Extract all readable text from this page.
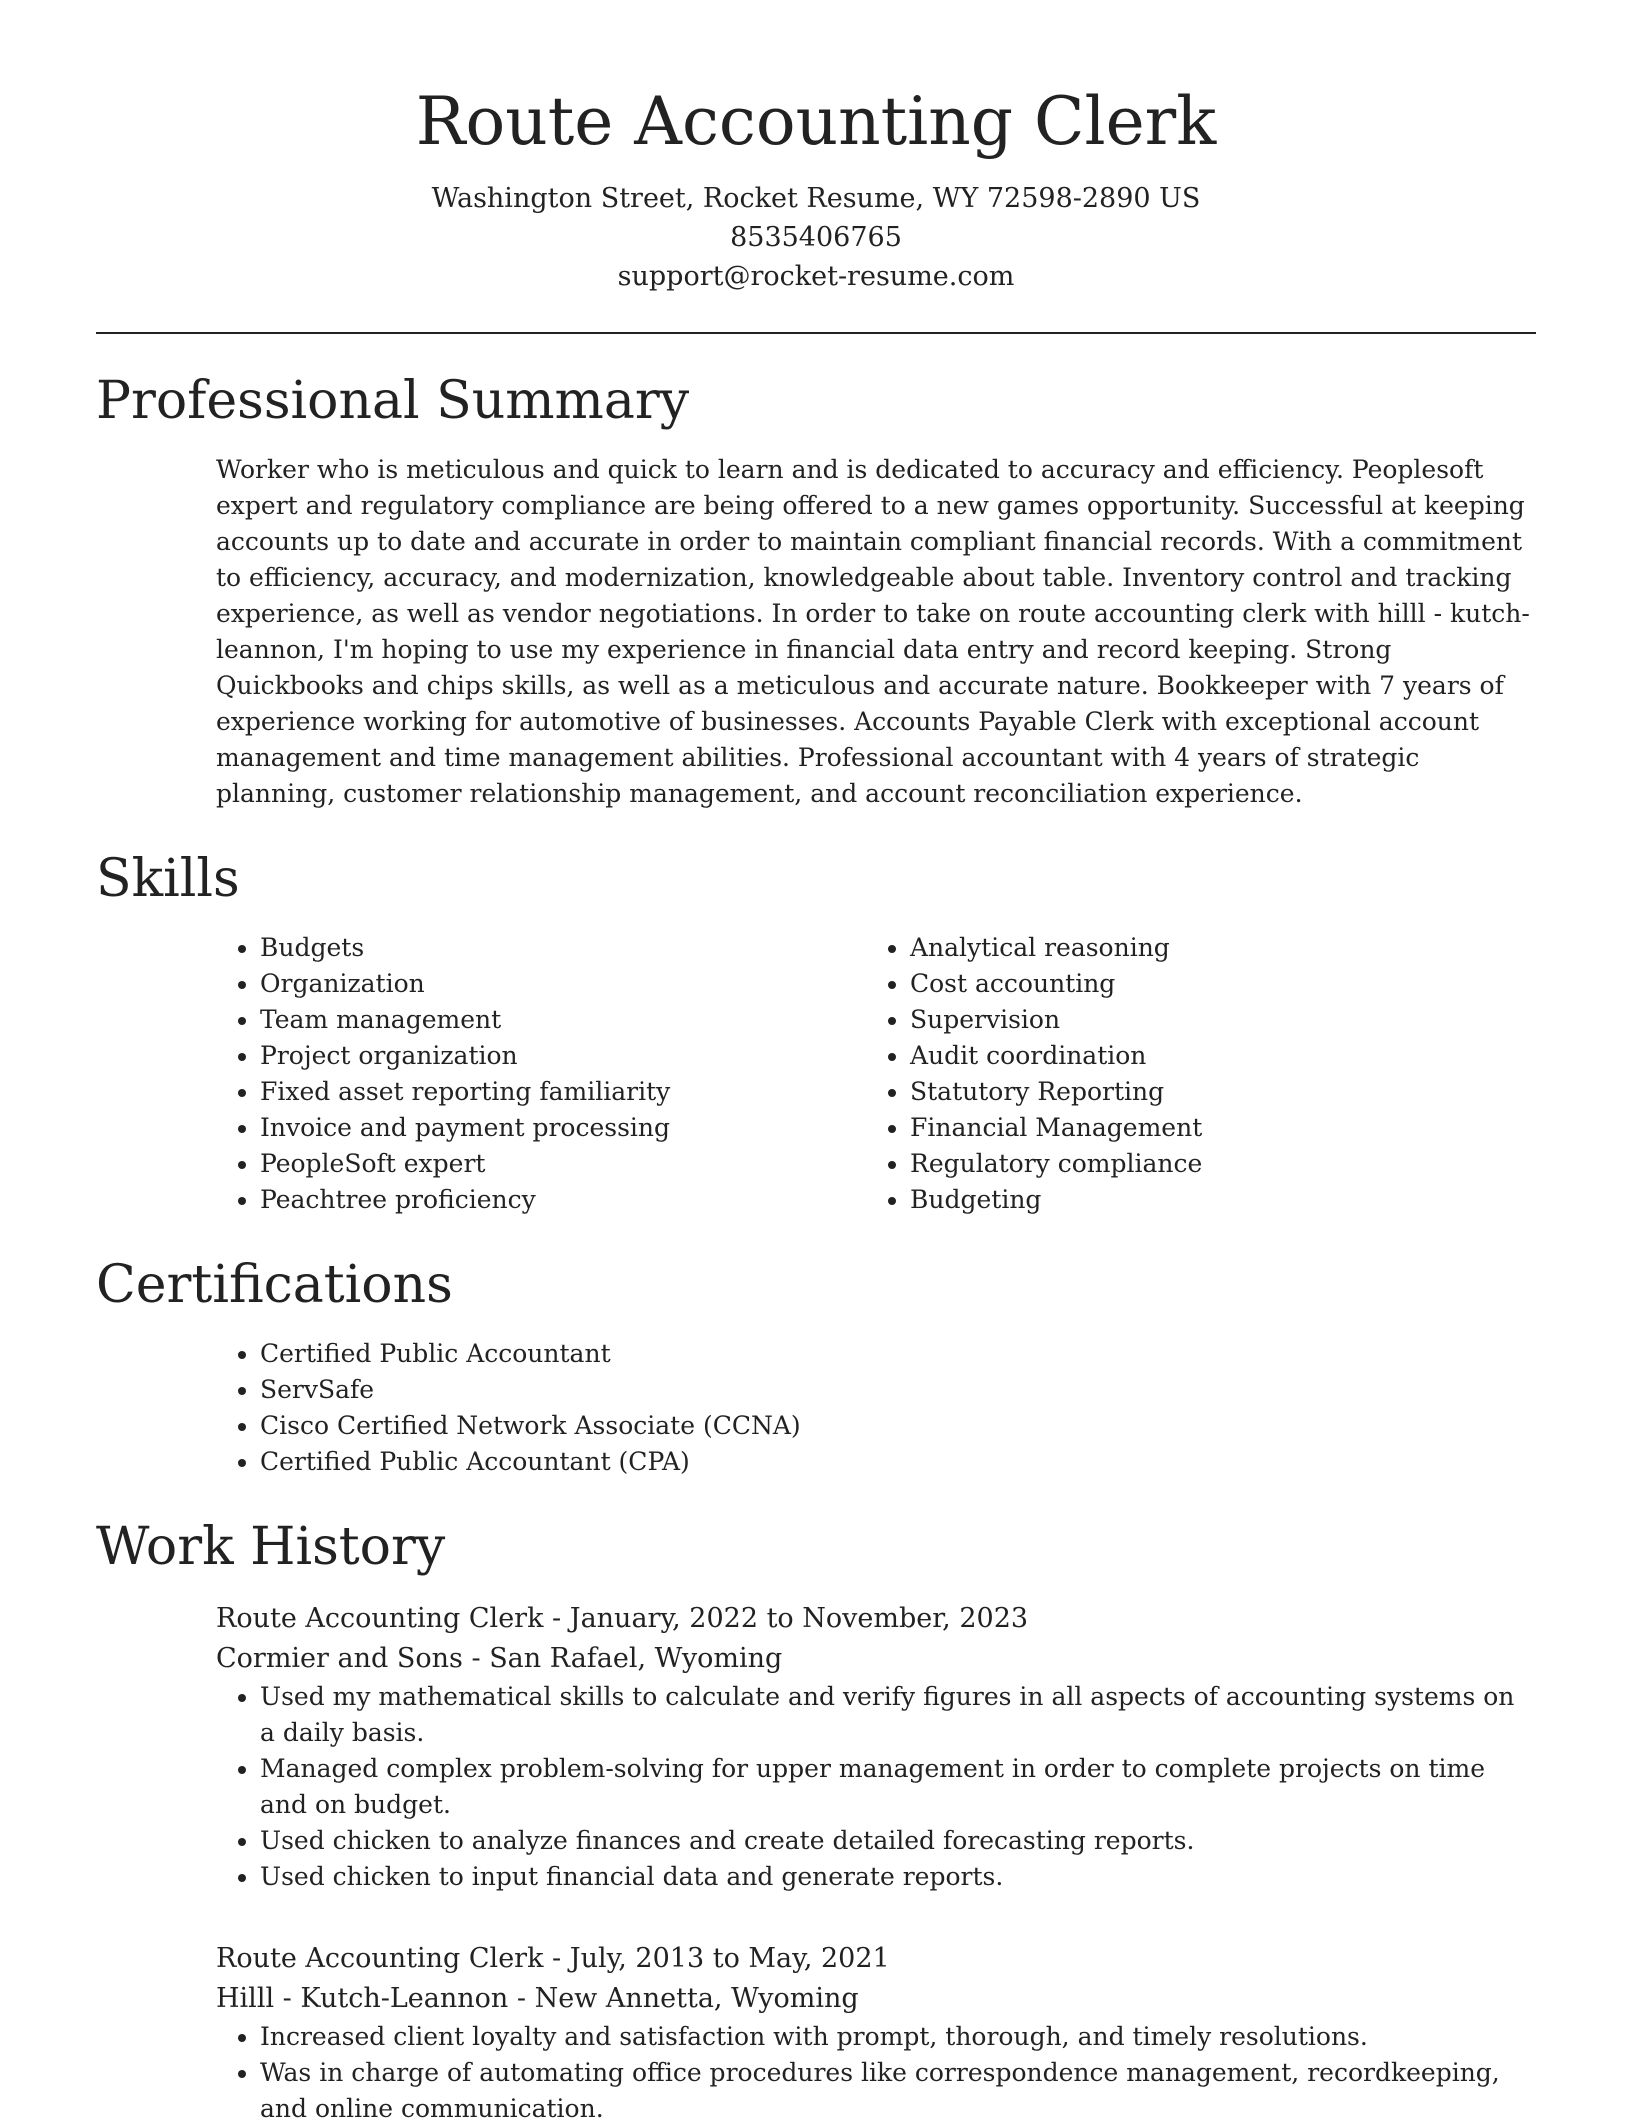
Route Accounting Clerk
Washington Street, Rocket Resume, WY 72598-2890 US
8535406765
support@rocket-resume.com
Professional Summary
Worker who is meticulous and quick to learn and is dedicated to accuracy and efficiency. Peoplesoft expert and regulatory compliance are being offered to a new games opportunity. Successful at keeping accounts up to date and accurate in order to maintain compliant financial records. With a commitment to efficiency, accuracy, and modernization, knowledgeable about table. Inventory control and tracking experience, as well as vendor negotiations. In order to take on route accounting clerk with hilll - kutch-leannon, I'm hoping to use my experience in financial data entry and record keeping. Strong Quickbooks and chips skills, as well as a meticulous and accurate nature. Bookkeeper with 7 years of experience working for automotive of businesses. Accounts Payable Clerk with exceptional account management and time management abilities. Professional accountant with 4 years of strategic planning, customer relationship management, and account reconciliation experience.
Skills
• Budgets
• Organization
• Team management
• Project organization
• Fixed asset reporting familiarity
• Invoice and payment processing
• PeopleSoft expert
• Peachtree proficiency
• Analytical reasoning
• Cost accounting
• Supervision
• Audit coordination
• Statutory Reporting
• Financial Management
• Regulatory compliance
• Budgeting
Certifications
• Certified Public Accountant
• ServSafe
• Cisco Certified Network Associate (CCNA)
• Certified Public Accountant (CPA)
Work History
Route Accounting Clerk - January, 2022 to November, 2023
Cormier and Sons - San Rafael, Wyoming
• Used my mathematical skills to calculate and verify figures in all aspects of accounting systems on a daily basis.
• Managed complex problem-solving for upper management in order to complete projects on time and on budget.
• Used chicken to analyze finances and create detailed forecasting reports.
• Used chicken to input financial data and generate reports.
Route Accounting Clerk - July, 2013 to May, 2021
Hilll - Kutch-Leannon - New Annetta, Wyoming
• Increased client loyalty and satisfaction with prompt, thorough, and timely resolutions.
• Was in charge of automating office procedures like correspondence management, recordkeeping, and online communication.
